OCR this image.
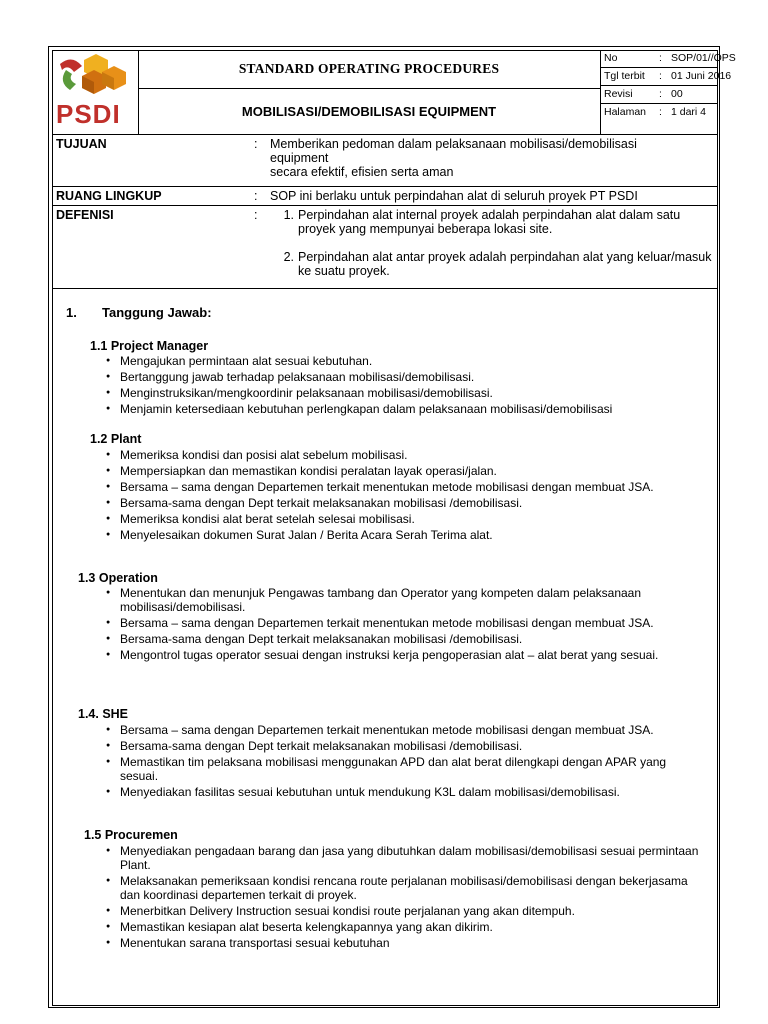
PSDI
STANDARD OPERATING PROCEDURES
MOBILISASI/DEMOBILISASI EQUIPMENT
No	: SOP/01//OPS
Tgl terbit : 01 Juni 2016
Revisi	: 00
Halaman : 1 dari 4
TUJUAN	: Memberikan pedoman dalam pelaksanaan mobilisasi/demobilisasi
equipment
secara efektif, efisien serta aman
RUANG LINGKUP	: SOP ini berlaku untuk perpindahan alat di seluruh proyek PT PSDI
DEFENISI	:	1. Perpindahan alat internal proyek adalah perpindahan alat dalam satu proyek yang mempunyai beberapa lokasi site.
2. Perpindahan alat antar proyek adalah perpindahan alat yang keluar/masuk ke suatu proyek.
1. Tanggung Jawab:
1.1 Project Manager
● Mengajukan permintaan alat sesuai kebutuhan.
● Bertanggung jawab terhadap pelaksanaan mobilisasi/demobilisasi.
● Menginstruksikan/mengkoordinir pelaksanaan mobilisasi/demobilisasi.
● Menjamin ketersediaan kebutuhan perlengkapan dalam pelaksanaan mobilisasi/demobilisasi
1.2 Plant
● Memeriksa kondisi dan posisi alat sebelum mobilisasi.
● Mempersiapkan dan memastikan kondisi peralatan layak operasi/jalan.
● Bersama – sama dengan Departemen terkait menentukan metode mobilisasi dengan membuat JSA.
● Bersama-sama dengan Dept terkait melaksanakan mobilisasi /demobilisasi.
● Memeriksa kondisi alat berat setelah selesai mobilisasi.
● Menyelesaikan dokumen Surat Jalan / Berita Acara Serah Terima alat.
1.3 Operation
● Menentukan dan menunjuk Pengawas tambang dan Operator yang kompeten dalam pelaksanaan mobilisasi/demobilisasi.
● Bersama – sama dengan Departemen terkait menentukan metode mobilisasi dengan membuat JSA.
● Bersama-sama dengan Dept terkait melaksanakan mobilisasi /demobilisasi.
● Mengontrol tugas operator sesuai dengan instruksi kerja pengoperasian alat – alat berat yang sesuai.
1.4. SHE
● Bersama – sama dengan Departemen terkait menentukan metode mobilisasi dengan membuat JSA.
● Bersama-sama dengan Dept terkait melaksanakan mobilisasi /demobilisasi.
● Memastikan tim pelaksana mobilisasi menggunakan APD dan alat berat dilengkapi dengan APAR yang sesuai.
● Menyediakan fasilitas sesuai kebutuhan untuk mendukung K3L dalam mobilisasi/demobilisasi.
1.5 Procuremen
● Menyediakan pengadaan barang dan jasa yang dibutuhkan dalam mobilisasi/demobilisasi sesuai permintaan Plant.
● Melaksanakan pemeriksaan kondisi rencana route perjalanan mobilisasi/demobilisasi dengan bekerjasama dan koordinasi departemen terkait di proyek.
● Menerbitkan Delivery Instruction sesuai kondisi route perjalanan yang akan ditempuh.
● Memastikan kesiapan alat beserta kelengkapannya yang akan dikirim.
● Menentukan sarana transportasi sesuai kebutuhan
